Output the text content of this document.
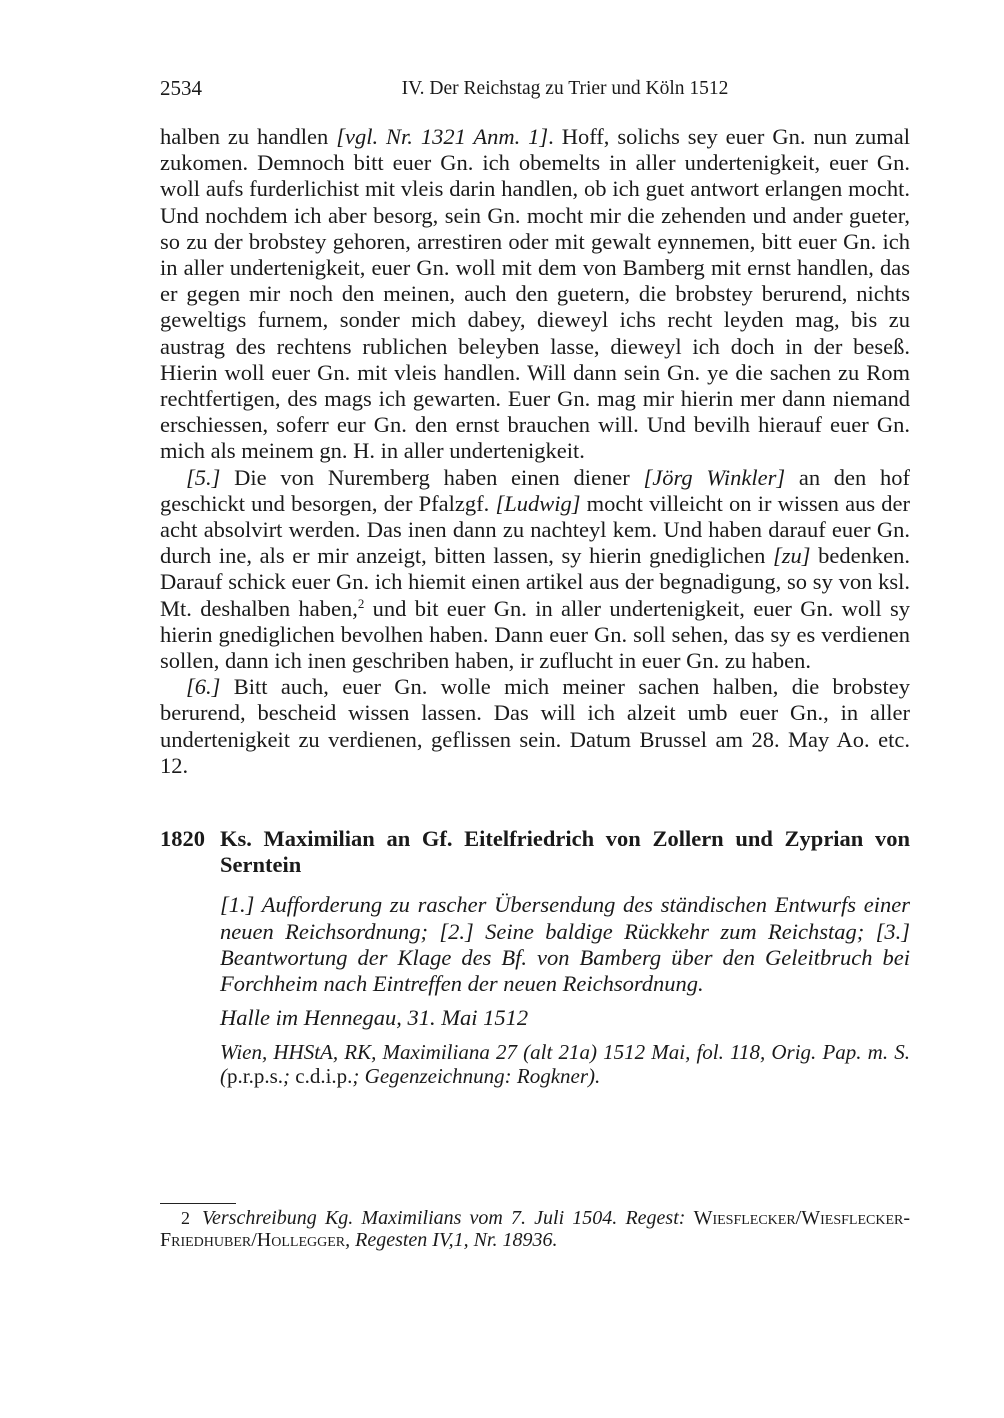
2534	IV. Der Reichstag zu Trier und Köln 1512

halben zu handlen [vgl. Nr. 1321 Anm. 1]. Hoff, solichs sey euer Gn. nun zumal zukomen. Demnoch bitt euer Gn. ich obemelts in aller undertenigkeit, euer Gn. woll aufs furderlichist mit vleis darin handlen, ob ich guet antwort erlangen mocht. Und nochdem ich aber besorg, sein Gn. mocht mir die zehenden und ander gueter, so zu der brobstey gehoren, arrestiren oder mit gewalt eynnemen, bitt euer Gn. ich in aller undertenigkeit, euer Gn. woll mit dem von Bamberg mit ernst handlen, das er gegen mir noch den meinen, auch den guetern, die brobstey berurend, nichts geweltigs furnem, sonder mich dabey, dieweyl ichs recht leyden mag, bis zu austrag des rechtens rublichen beleyben lasse, dieweyl ich doch in der beseß. Hierin woll euer Gn. mit vleis handlen. Will dann sein Gn. ye die sachen zu Rom rechtfertigen, des mags ich gewarten. Euer Gn. mag mir hierin mer dann niemand erschiessen, soferr eur Gn. den ernst brauchen will. Und bevilh hierauf euer Gn. mich als meinem gn. H. in aller undertenigkeit.

[5.] Die von Nuremberg haben einen diener [Jörg Winkler] an den hof geschickt und besorgen, der Pfalzgf. [Ludwig] mocht villeicht on ir wissen aus der acht absolvirt werden. Das inen dann zu nachteyl kem. Und haben darauf euer Gn. durch ine, als er mir anzeigt, bitten lassen, sy hierin gnediglichen [zu] bedenken. Darauf schick euer Gn. ich hiemit einen artikel aus der begnadigung, so sy von ksl. Mt. deshalben haben,$^2$ und bit euer Gn. in aller undertenigkeit, euer Gn. woll sy hierin gnediglichen bevolhen haben. Dann euer Gn. soll sehen, das sy es verdienen sollen, dann ich inen geschriben haben, ir zuflucht in euer Gn. zu haben.

[6.] Bitt auch, euer Gn. wolle mich meiner sachen halben, die brobstey berurend, bescheid wissen lassen. Das will ich alzeit umb euer Gn., in aller undertenigkeit zu verdienen, geflissen sein. Datum Brussel am 28. May Ao. etc. 12.

1820 Ks. Maximilian an Gf. Eitelfriedrich von Zollern und Zyprian von Serntein
[1.] Aufforderung zu rascher Übersendung des ständischen Entwurfs einer neuen Reichsordnung; [2.] Seine baldige Rückkehr zum Reichstag; [3.] Beantwortung der Klage des Bf. von Bamberg über den Geleitbruch bei Forchheim nach Eintreffen der neuen Reichsordnung.
Halle im Hennegau, 31. Mai 1512
Wien, HHStA, RK, Maximiliana 27 (alt 21a) 1512 Mai, fol. 118, Orig. Pap. m. S. (p.r.p.s.; c.d.i.p.; Gegenzeichnung: Rogkner).
2 Verschreibung Kg. Maximilians vom 7. Juli 1504. Regest: Wiesflecker/Wiesflecker-Friedhuber/Hollegger, Regesten IV,1, Nr. 18936.
